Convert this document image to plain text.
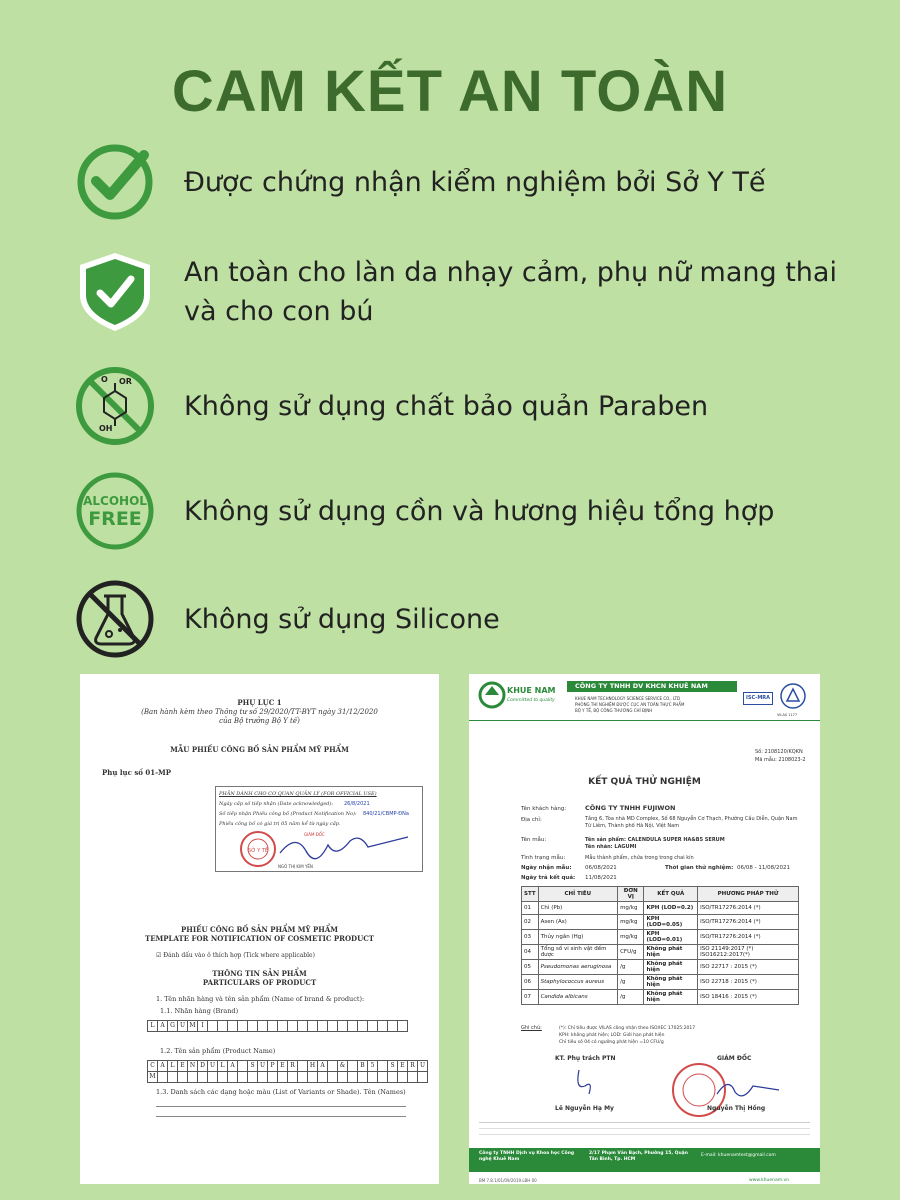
CAM KẾT AN TOÀN
Được chứng nhận kiểm nghiệm bởi Sở Y Tế
An toàn cho làn da nhạy cảm, phụ nữ mang thai và cho con bú
O OR
OH
Không sử dụng chất bảo quản Paraben
ALCOHOL
FREE Không sử dụng cồn và hương hiệu tổng hợp
Không sử dụng Silicone
PHỤ LỤC 1
(Ban hành kèm theo Thông tư số 29/2020/TT-BYT ngày 31/12/2020
của Bộ trưởng Bộ Y tế)
MẪU PHIẾU CÔNG BỐ SẢN PHẨM MỸ PHẨM
Phụ lục số 01-MP
PHẦN DÀNH CHO CƠ QUAN QUẢN LÝ (FOR OFFICIAL USE)
Ngày cấp số tiếp nhận (Date acknowledged): 26/8/2021
Số tiếp nhận Phiếu công bố (Product Notification No): 840/21/CBMP-ĐNa
Phiếu công bố có giá trị 05 năm kể từ ngày cấp.
GIÁM ĐỐC
SỞ Y TẾ
NGÔ THỊ KIM YẾN
PHIẾU CÔNG BỐ SẢN PHẨM MỸ PHẨM
TEMPLATE FOR NOTIFICATION OF COSMETIC PRODUCT
☑ Đánh dấu vào ô thích hợp (Tick where applicable)
THÔNG TIN SẢN PHẨM
PARTICULARS OF PRODUCT
1. Tên nhãn hàng và tên sản phẩm (Name of brand & product):
1.1. Nhãn hàng (Brand)
L A G U M I
1.2. Tên sản phẩm (Product Name)
C A L E N D U L A	S U P E R	H A	&	B 5	S E R U
M
1.3. Danh sách các dạng hoặc màu (List of Variants or Shade). Tên (Names)
KHUE NAM
Committed to quality
CÔNG TY TNHH DV KHCN KHUÊ NAM
KHUE NAM TECHNOLOGY SCIENCE SERVICE CO., LTD
PHÒNG THÍ NGHIỆM ĐƯỢC CỤC AN TOÀN THỰC PHẨM
BỘ Y TẾ, BỘ CÔNG THƯƠNG CHỈ ĐỊNH
ISC-MRA
VILAS 1177
Số: 2108120/KQKN
Mã mẫu: 2108023-2
KẾT QUẢ THỬ NGHIỆM
Tên khách hàng:	CÔNG TY TNHH FUJIWON
Địa chỉ:	Tầng 6, Tòa nhà MD Complex, Số 68 Nguyễn Cơ Thạch, Phường Cầu Diễn, Quận Nam Từ Liêm, Thành phố Hà Nội, Việt Nam
Tên mẫu:	Tên sản phẩm: CALENDULA SUPER HA&B5 SERUM
Tên nhãn: LAGUMI
Tình trạng mẫu:	Mẫu thành phẩm, chứa trong trong chai kín
Ngày nhận mẫu: 06/08/2021	Thời gian thử nghiệm: 06/08 - 11/08/2021
Ngày trả kết quả: 11/08/2021
STT	CHỈ TIÊU	ĐƠN VỊ	KẾT QUẢ	PHƯƠNG PHÁP THỬ
01	Chì (Pb)	mg/kg	KPH (LOD=0.2)	ISO/TR17276:2014 (*)
02	Asen (As)	mg/kg	KPH (LOD=0.05)	ISO/TR17276:2014 (*)
03	Thủy ngân (Hg)	mg/kg	KPH (LOD=0.01)	ISO/TR17276:2014 (*)
04	Tổng số vi sinh vật đếm được	CFU/g	Không phát hiện	ISO 21149:2017 (*) ISO16212:2017(*)
05	Pseudomonas aeruginosa	/g	Không phát hiện	ISO 22717 : 2015 (*)
06	Staphylococcus aureus	/g	Không phát hiện	ISO 22718 : 2015 (*)
07	Candida albicans	/g	Không phát hiện	ISO 18416 : 2015 (*)
Ghi chú:	(*): Chỉ tiêu được VILAS công nhận theo ISO/IEC 17025:2017
KPH: không phát hiện; LOD: Giới hạn phát hiện
Chỉ tiêu số 04 có ngưỡng phát hiện =10 CFU/g
KT. Phụ trách PTN	GIÁM ĐỐC
Lê Nguyễn Hạ My	Nguyễn Thị Hồng
Công ty TNHH Dịch vụ Khoa học Công nghệ Khuê Nam
2/17 Phạm Văn Bạch, Phường 15, Quận Tân Bình, Tp. HCM
E-mail: khuenamtest@gmail.com
BM 7.8.1/01/09/2019.LBH 00	www.khuenam.vn
